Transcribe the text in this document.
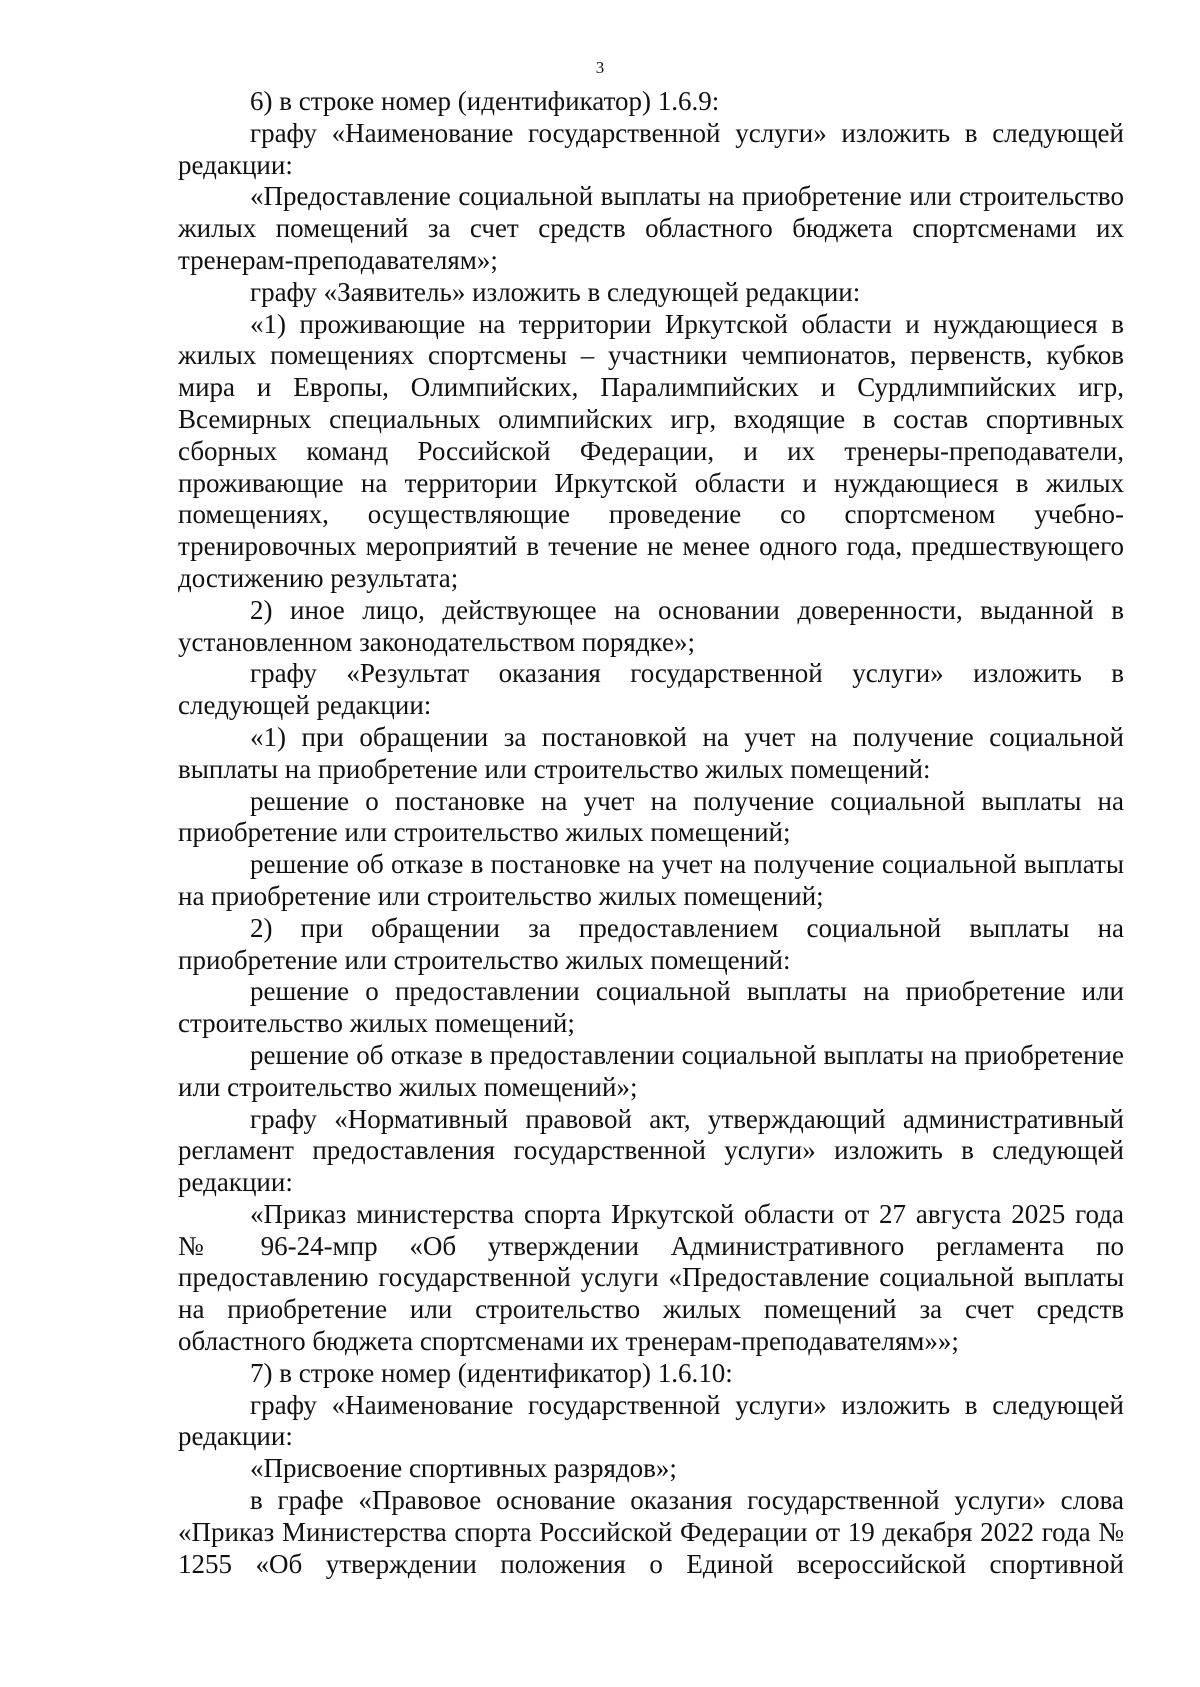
3

6) в строке номер (идентификатор) 1.6.9:

графу «Наименование государственной услуги» изложить в следующей редакции:

«Предоставление социальной выплаты на приобретение или строительство жилых помещений за счет средств областного бюджета спортсменами их тренерам-преподавателям»;

графу «Заявитель» изложить в следующей редакции:

«1) проживающие на территории Иркутской области и нуждающиеся в жилых помещениях спортсмены – участники чемпионатов, первенств, кубков мира и Европы, Олимпийских, Паралимпийских и Сурдлимпийских игр, Всемирных специальных олимпийских игр, входящие в состав спортивных сборных команд Российской Федерации, и их тренеры-преподаватели, проживающие на территории Иркутской области и нуждающиеся в жилых помещениях, осуществляющие проведение со спортсменом учебно-тренировочных мероприятий в течение не менее одного года, предшествующего достижению результата;

2) иное лицо, действующее на основании доверенности, выданной в установленном законодательством порядке»;

графу «Результат оказания государственной услуги» изложить в следующей редакции:

«1) при обращении за постановкой на учет на получение социальной выплаты на приобретение или строительство жилых помещений:

решение о постановке на учет на получение социальной выплаты на приобретение или строительство жилых помещений;

решение об отказе в постановке на учет на получение социальной выплаты на приобретение или строительство жилых помещений;

2) при обращении за предоставлением социальной выплаты на приобретение или строительство жилых помещений:

решение о предоставлении социальной выплаты на приобретение или строительство жилых помещений;

решение об отказе в предоставлении социальной выплаты на приобретение или строительство жилых помещений»;

графу «Нормативный правовой акт, утверждающий административный регламент предоставления государственной услуги» изложить в следующей редакции:

«Приказ министерства спорта Иркутской области от 27 августа 2025 года № 96-24-мпр «Об утверждении Административного регламента по предоставлению государственной услуги «Предоставление социальной выплаты на приобретение или строительство жилых помещений за счет средств областного бюджета спортсменами их тренерам-преподавателям»»;

7) в строке номер (идентификатор) 1.6.10:

графу «Наименование государственной услуги» изложить в следующей редакции:

«Присвоение спортивных разрядов»;

в графе «Правовое основание оказания государственной услуги» слова «Приказ Министерства спорта Российской Федерации от 19 декабря 2022 года № 1255 «Об утверждении положения о Единой всероссийской спортивной
